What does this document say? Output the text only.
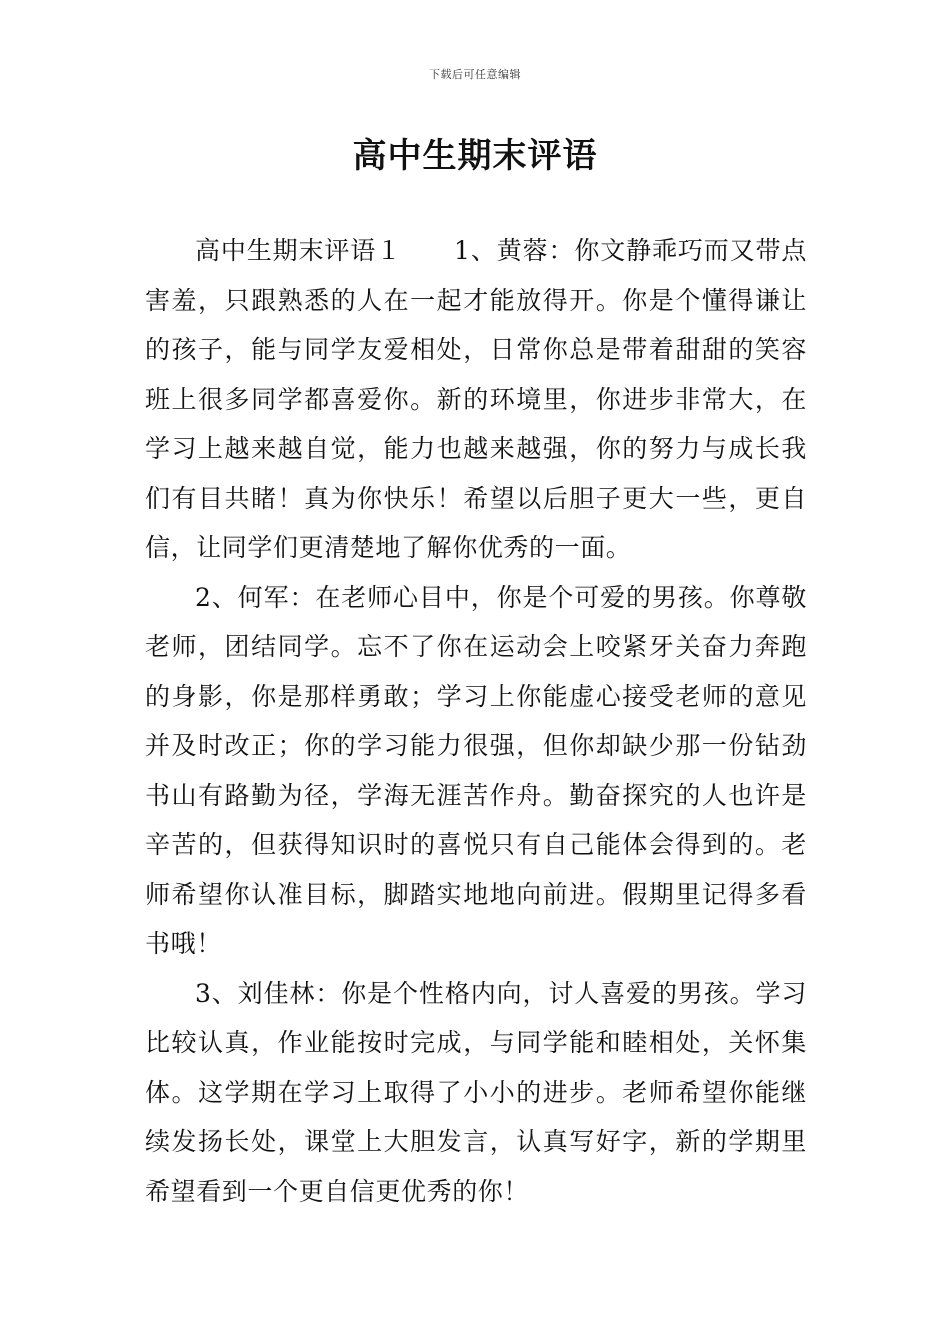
下载后可任意编辑
高中生期末评语

高中生期末评语１ 1、黄蓉：你文静乖巧而又带点害羞，只跟熟悉的人在一起才能放得开。你是个懂得谦让的孩子，能与同学友爱相处，日常你总是带着甜甜的笑容班上很多同学都喜爱你。新的环境里，你进步非常大，在学习上越来越自觉，能力也越来越强，你的努力与成长我们有目共睹！真为你快乐！希望以后胆子更大一些，更自信，让同学们更清楚地了解你优秀的一面。

2、何军：在老师心目中，你是个可爱的男孩。你尊敬老师，团结同学。忘不了你在运动会上咬紧牙关奋力奔跑的身影，你是那样勇敢；学习上你能虚心接受老师的意见并及时改正；你的学习能力很强，但你却缺少那一份钻劲书山有路勤为径，学海无涯苦作舟。勤奋探究的人也许是辛苦的，但获得知识时的喜悦只有自己能体会得到的。老师希望你认准目标，脚踏实地地向前进。假期里记得多看书哦！

3、刘佳林：你是个性格内向，讨人喜爱的男孩。学习比较认真，作业能按时完成，与同学能和睦相处，关怀集体。这学期在学习上取得了小小的进步。老师希望你能继续发扬长处，课堂上大胆发言，认真写好字，新的学期里希望看到一个更自信更优秀的你！
